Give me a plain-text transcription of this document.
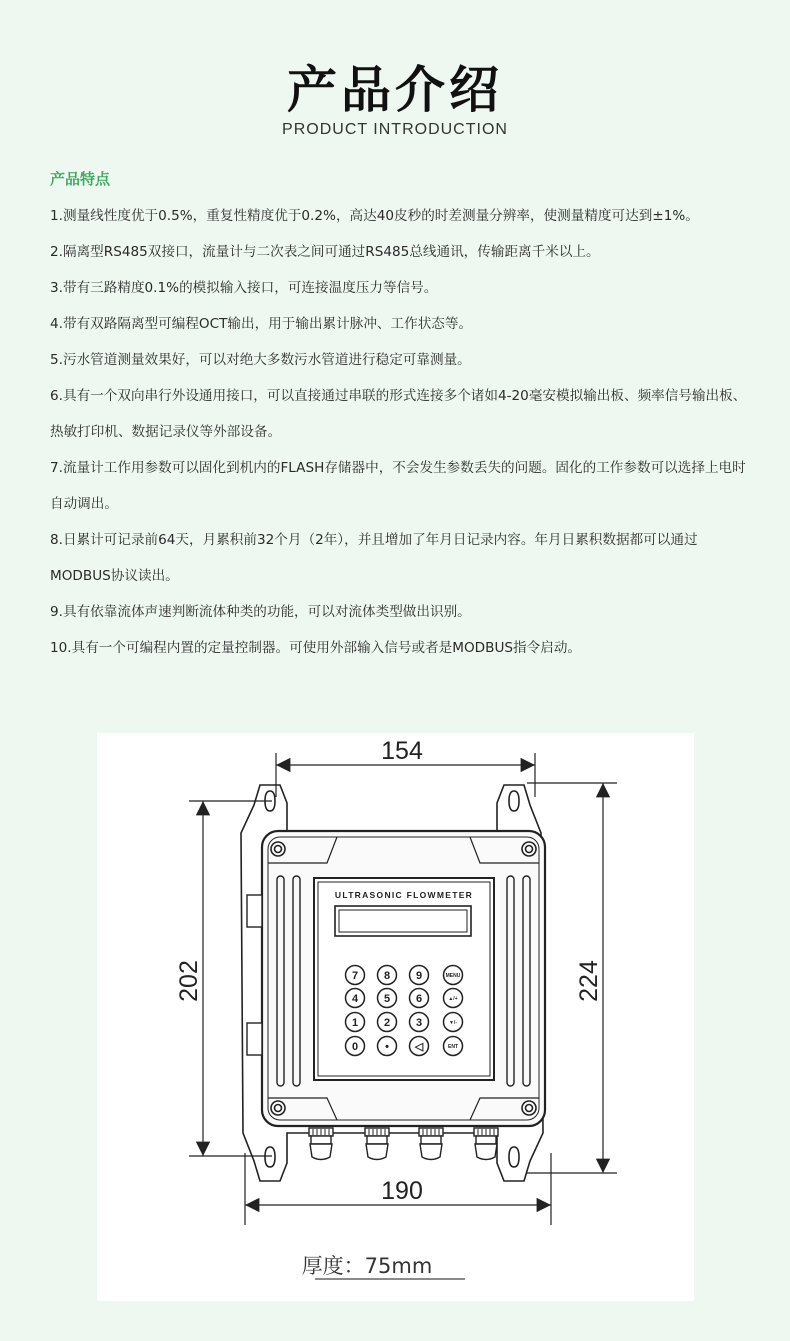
产品介绍
PRODUCT INTRODUCTION
产品特点

1.测量线性度优于0.5%，重复性精度优于0.2%，高达40皮秒的时差测量分辨率，使测量精度可达到±1%。

2.隔离型RS485双接口，流量计与二次表之间可通过RS485总线通讯，传输距离千米以上。

3.带有三路精度0.1%的模拟输入接口，可连接温度压力等信号。

4.带有双路隔离型可编程OCT输出，用于输出累计脉冲、工作状态等。

5.污水管道测量效果好，可以对绝大多数污水管道进行稳定可靠测量。

6.具有一个双向串行外设通用接口，可以直接通过串联的形式连接多个诸如4-20毫安模拟输出板、频率信号输出板、热敏打印机、数据记录仪等外部设备。

7.流量计工作用参数可以固化到机内的FLASH存储器中，不会发生参数丢失的问题。固化的工作参数可以选择上电时自动调出。

8.日累计可记录前64天，月累积前32个月（2年），并且增加了年月日记录内容。年月日累积数据都可以通过MODBUS协议读出。

9.具有依靠流体声速判断流体种类的功能，可以对流体类型做出识别。

10.具有一个可编程内置的定量控制器。可使用外部输入信号或者是MODBUS指令启动。

ULTRASONIC FLOWMETER
7 8 9	MENU
4 5 6	▲/+
1 2 3	▼/-
0 • ◁	ENT
154
190
202	224
厚度：75mm
